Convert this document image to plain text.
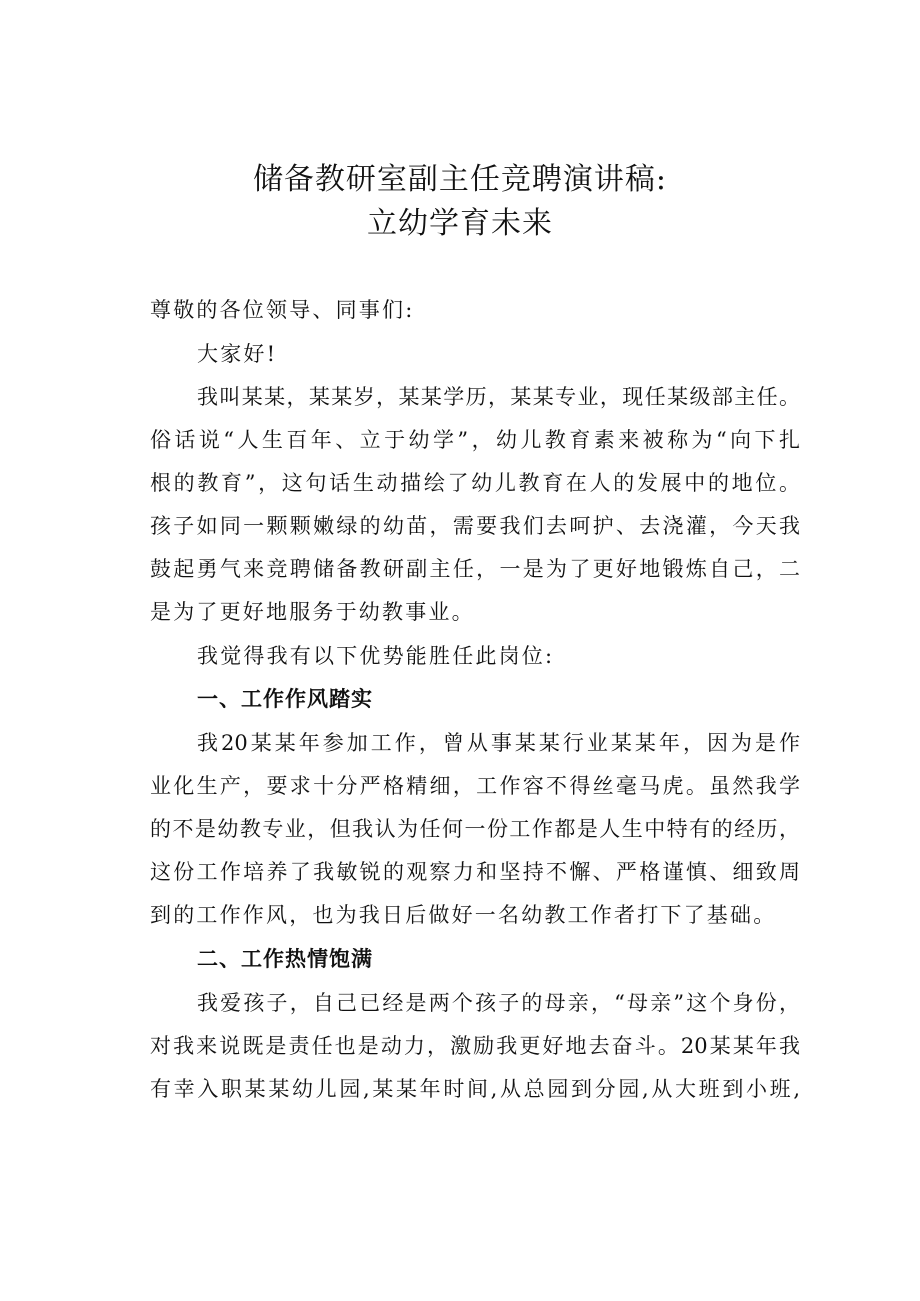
储备教研室副主任竞聘演讲稿:
立幼学育未来
尊敬的各位领导、同事们:
大家好!
我叫某某，某某岁，某某学历，某某专业，现任某级部主任。
俗话说“人生百年、立于幼学”，幼儿教育素来被称为“向下扎
根的教育”，这句话生动描绘了幼儿教育在人的发展中的地位。
孩子如同一颗颗嫩绿的幼苗，需要我们去呵护、去浇灌，今天我
鼓起勇气来竞聘储备教研副主任，一是为了更好地锻炼自己，二
是为了更好地服务于幼教事业。
我觉得我有以下优势能胜任此岗位:
一、工作作风踏实
我20某某年参加工作，曾从事某某行业某某年，因为是作
业化生产，要求十分严格精细，工作容不得丝毫马虎。虽然我学
的不是幼教专业，但我认为任何一份工作都是人生中特有的经历，
这份工作培养了我敏锐的观察力和坚持不懈、严格谨慎、细致周
到的工作作风，也为我日后做好一名幼教工作者打下了基础。
二、工作热情饱满
我爱孩子，自己已经是两个孩子的母亲，“母亲”这个身份，
对我来说既是责任也是动力，激励我更好地去奋斗。20某某年我
有幸入职某某幼儿园,某某年时间,从总园到分园,从大班到小班,
